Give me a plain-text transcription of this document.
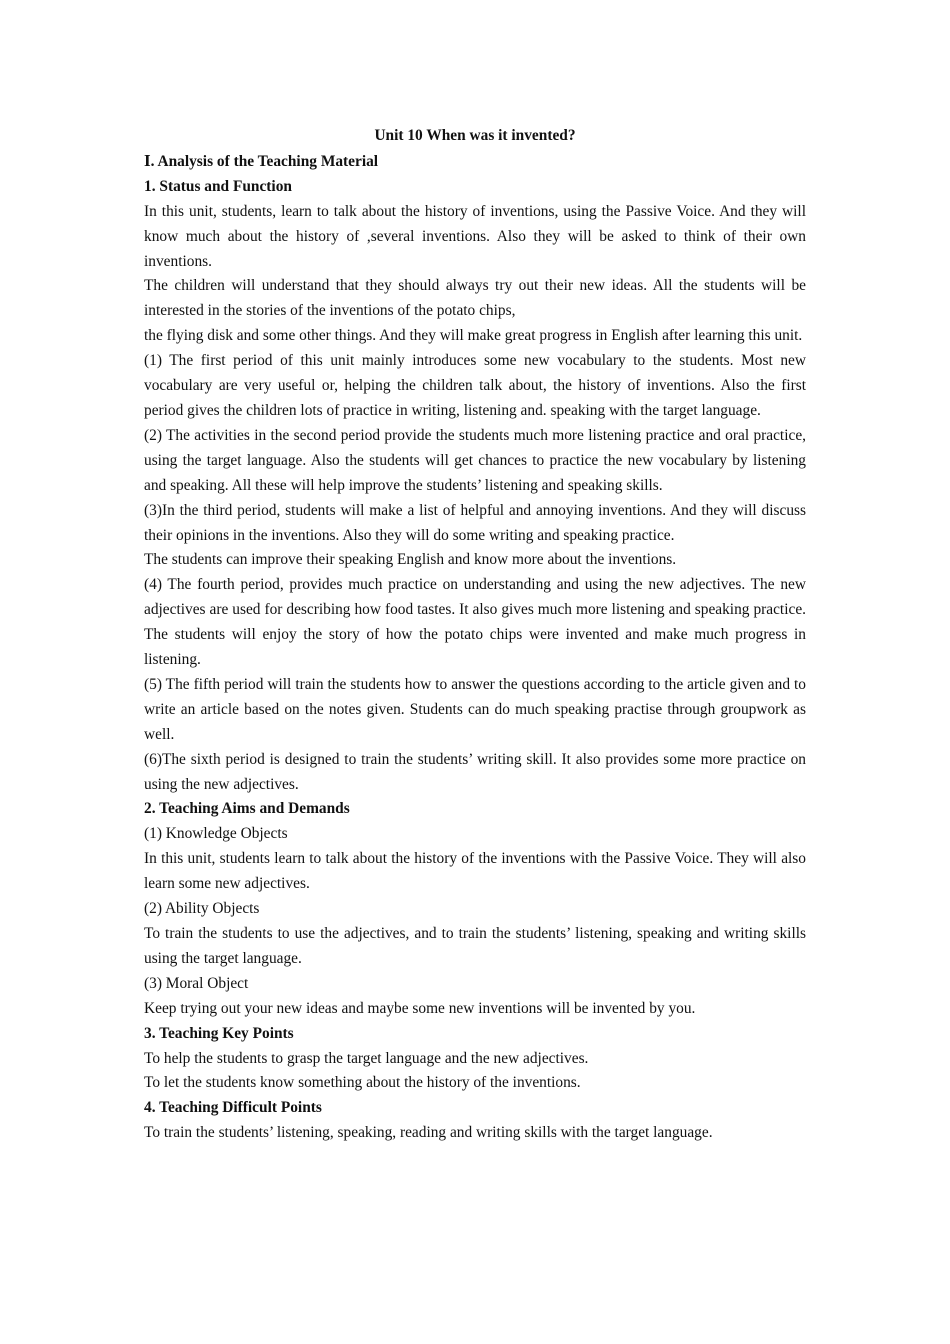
Unit 10 When was it invented?

I. Analysis of the Teaching Material

1. Status and Function

In this unit, students, learn to talk about the history of inventions, using the Passive Voice. And they will know much about the history of ,several inventions. Also they will be asked to think of their own inventions.

The children will understand that they should always try out their new ideas. All the students will be interested in the stories of the inventions of the potato chips,

the flying disk and some other things. And they will make great progress in English after learning this unit.

(1) The first period of this unit mainly introduces some new vocabulary to the students. Most new vocabulary are very useful or, helping the children talk about, the history of inventions. Also the first period gives the children lots of practice in writing, listening and. speaking with the target language.

(2) The activities in the second period provide the students much more listening practice and oral practice, using the target language. Also the students will get chances to practice the new vocabulary by listening and speaking. All these will help improve the students’ listening and speaking skills.

(3)In the third period, students will make a list of helpful and annoying inventions. And they will discuss their opinions in the inventions. Also they will do some writing and speaking practice.

The students can improve their speaking English and know more about the inventions.

(4) The fourth period, provides much practice on understanding and using the new adjectives. The new adjectives are used for describing how food tastes. It also gives much more listening and speaking practice. The students will enjoy the story of how the potato chips were invented and make much progress in listening.

(5) The fifth period will train the students how to answer the questions according to the article given and to write an article based on the notes given. Students can do much speaking practise through groupwork as well.

(6)The sixth period is designed to train the students’ writing skill. It also provides some more practice on using the new adjectives.

2. Teaching Aims and Demands

(1) Knowledge Objects

In this unit, students learn to talk about the history of the inventions with the Passive Voice. They will also learn some new adjectives.

(2) Ability Objects

To train the students to use the adjectives, and to train the students’ listening, speaking and writing skills using the target language.

(3) Moral Object

Keep trying out your new ideas and maybe some new inventions will be invented by you.

3. Teaching Key Points

To help the students to grasp the target language and the new adjectives.

To let the students know something about the history of the inventions.

4. Teaching Difficult Points

To train the students’ listening, speaking, reading and writing skills with the target language.
